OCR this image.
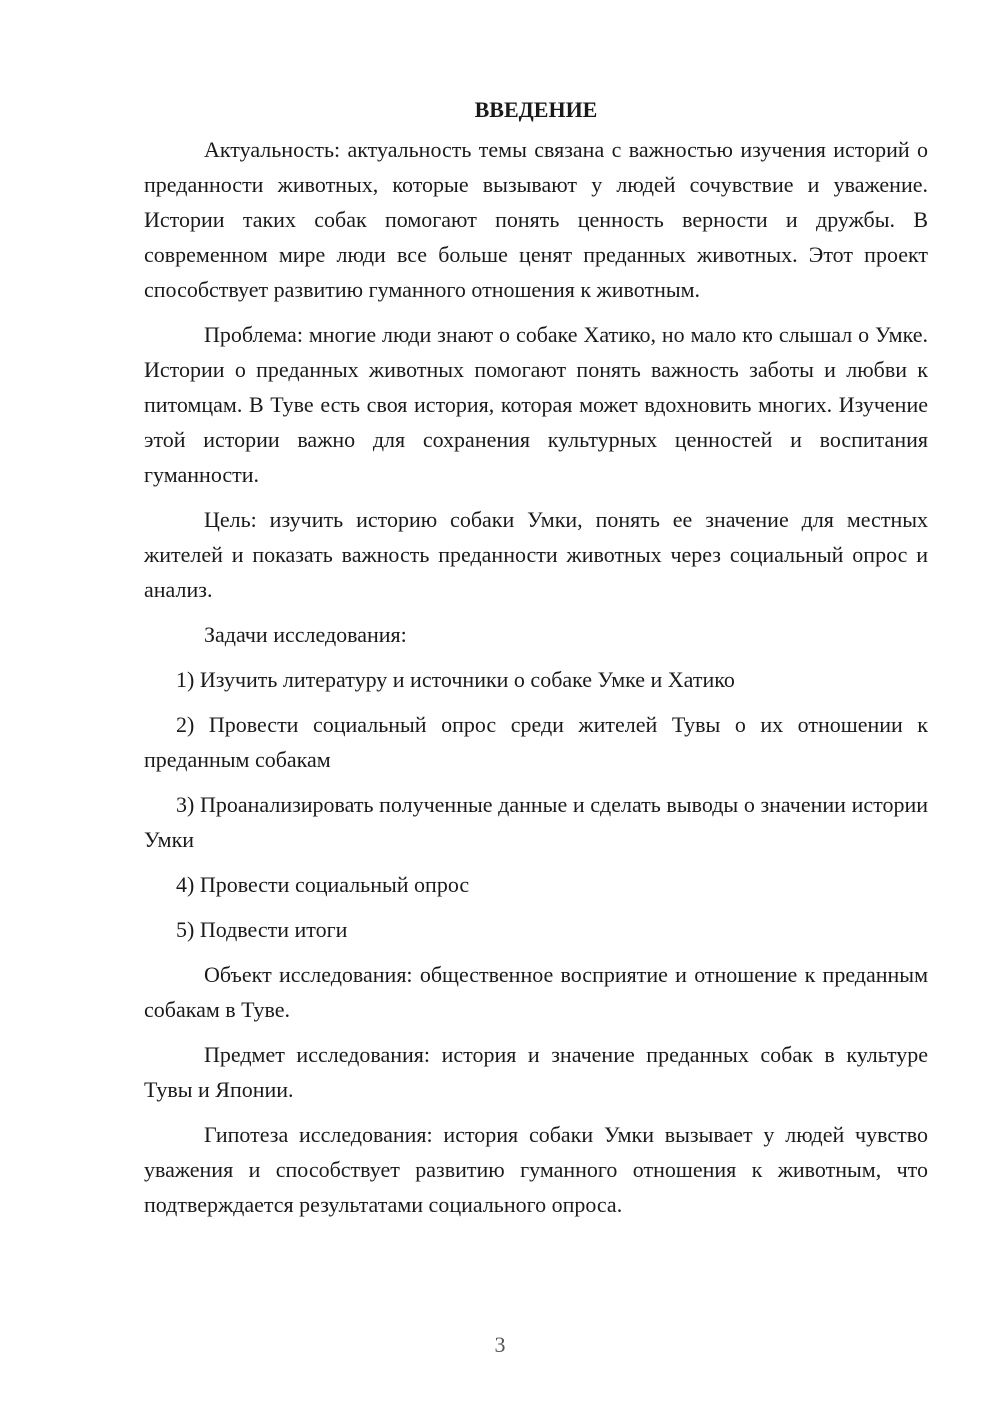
ВВЕДЕНИЕ

Актуальность: актуальность темы связана с важностью изучения историй о преданности животных, которые вызывают у людей сочувствие и уважение. Истории таких собак помогают понять ценность верности и дружбы. В современном мире люди все больше ценят преданных животных. Этот проект способствует развитию гуманного отношения к животным.

Проблема: многие люди знают о собаке Хатико, но мало кто слышал о Умке. Истории о преданных животных помогают понять важность заботы и любви к питомцам. В Туве есть своя история, которая может вдохновить многих. Изучение этой истории важно для сохранения культурных ценностей и воспитания гуманности.

Цель: изучить историю собаки Умки, понять ее значение для местных жителей и показать важность преданности животных через социальный опрос и анализ.

Задачи исследования:

1) Изучить литературу и источники о собаке Умке и Хатико

2) Провести социальный опрос среди жителей Тувы о их отношении к преданным собакам

3) Проанализировать полученные данные и сделать выводы о значении истории Умки

4) Провести социальный опрос

5) Подвести итоги

Объект исследования: общественное восприятие и отношение к преданным собакам в Туве.

Предмет исследования: история и значение преданных собак в культуре Тувы и Японии.

Гипотеза исследования: история собаки Умки вызывает у людей чувство уважения и способствует развитию гуманного отношения к животным, что подтверждается результатами социального опроса.

3
